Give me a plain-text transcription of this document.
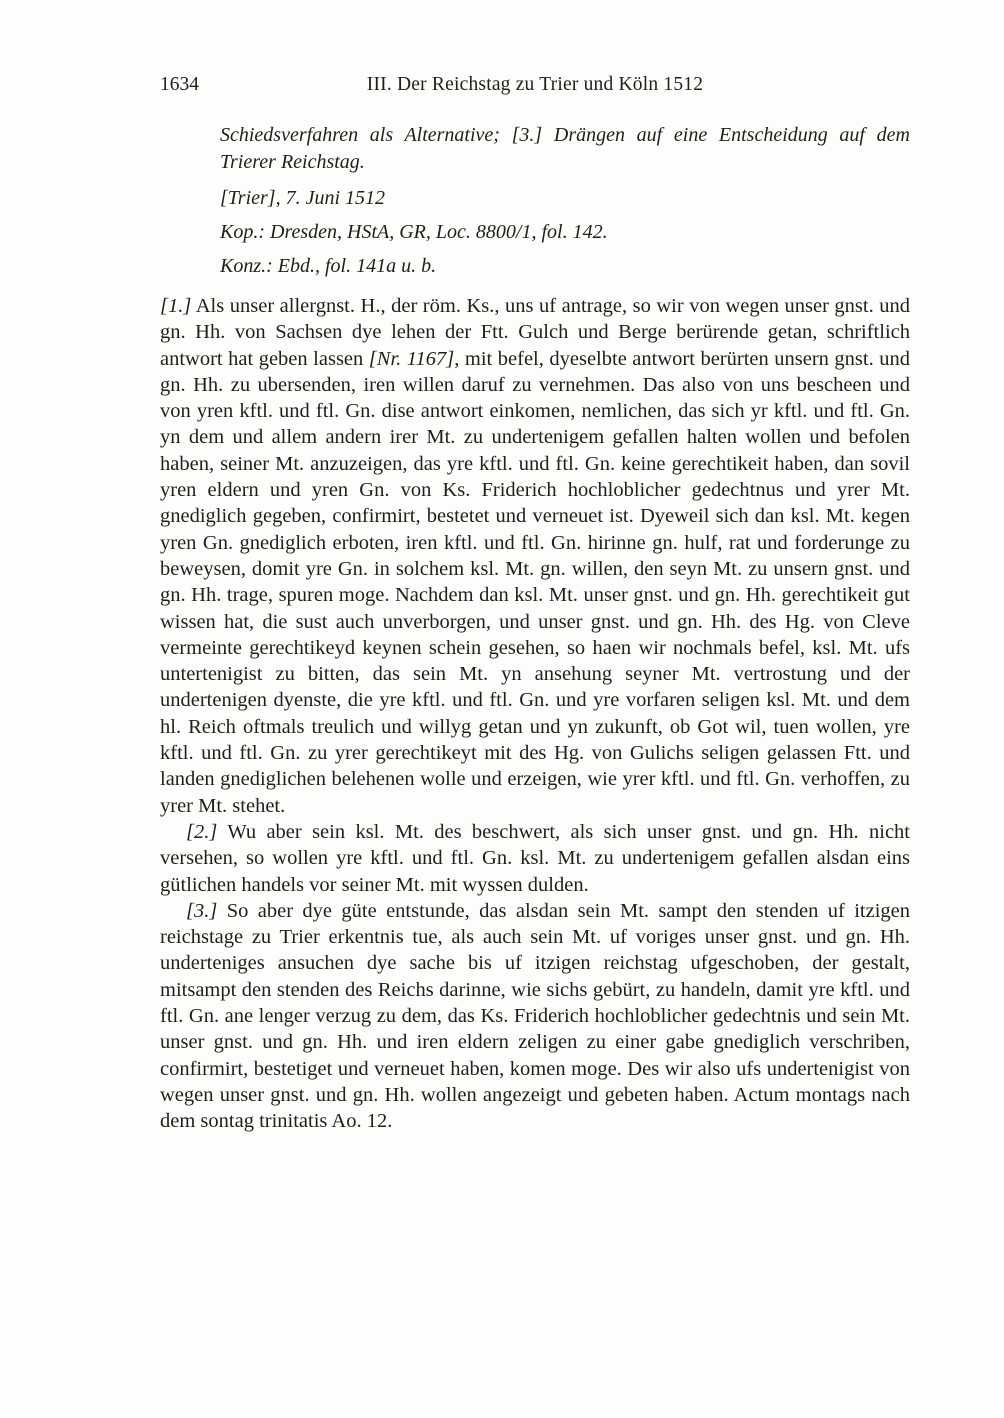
1634	III. Der Reichstag zu Trier und Köln 1512

Schiedsverfahren als Alternative; [3.] Drängen auf eine Entscheidung auf dem Trierer Reichstag.

[Trier], 7. Juni 1512

Kop.: Dresden, HStA, GR, Loc. 8800/1, fol. 142.

Konz.: Ebd., fol. 141a u. b.

[1.] Als unser allergnst. H., der röm. Ks., uns uf antrage, so wir von wegen unser gnst. und gn. Hh. von Sachsen dye lehen der Ftt. Gulch und Berge berürende getan, schriftlich antwort hat geben lassen [Nr. 1167], mit befel, dyeselbte antwort berürten unsern gnst. und gn. Hh. zu ubersenden, iren willen daruf zu vernehmen. Das also von uns bescheen und von yren kftl. und ftl. Gn. dise antwort einkomen, nemlichen, das sich yr kftl. und ftl. Gn. yn dem und allem andern irer Mt. zu undertenigem gefallen halten wollen und befolen haben, seiner Mt. anzuzeigen, das yre kftl. und ftl. Gn. keine gerechtikeit haben, dan sovil yren eldern und yren Gn. von Ks. Friderich hochloblicher gedechtnus und yrer Mt. gnediglich gegeben, confirmirt, bestetet und verneuet ist. Dyeweil sich dan ksl. Mt. kegen yren Gn. gnediglich erboten, iren kftl. und ftl. Gn. hirinne gn. hulf, rat und forderunge zu beweysen, domit yre Gn. in solchem ksl. Mt. gn. willen, den seyn Mt. zu unsern gnst. und gn. Hh. trage, spuren moge. Nachdem dan ksl. Mt. unser gnst. und gn. Hh. gerechtikeit gut wissen hat, die sust auch unverborgen, und unser gnst. und gn. Hh. des Hg. von Cleve vermeinte gerechtikeyd keynen schein gesehen, so haen wir nochmals befel, ksl. Mt. ufs untertenigist zu bitten, das sein Mt. yn ansehung seyner Mt. vertrostung und der undertenigen dyenste, die yre kftl. und ftl. Gn. und yre vorfaren seligen ksl. Mt. und dem hl. Reich oftmals treulich und willyg getan und yn zukunft, ob Got wil, tuen wollen, yre kftl. und ftl. Gn. zu yrer gerechtikeyt mit des Hg. von Gulichs seligen gelassen Ftt. und landen gnediglichen belehenen wolle und erzeigen, wie yrer kftl. und ftl. Gn. verhoffen, zu yrer Mt. stehet.

[2.] Wu aber sein ksl. Mt. des beschwert, als sich unser gnst. und gn. Hh. nicht versehen, so wollen yre kftl. und ftl. Gn. ksl. Mt. zu undertenigem gefallen alsdan eins gütlichen handels vor seiner Mt. mit wyssen dulden.

[3.] So aber dye güte entstunde, das alsdan sein Mt. sampt den stenden uf itzigen reichstage zu Trier erkentnis tue, als auch sein Mt. uf voriges unser gnst. und gn. Hh. underteniges ansuchen dye sache bis uf itzigen reichstag ufgeschoben, der gestalt, mitsampt den stenden des Reichs darinne, wie sichs gebürt, zu handeln, damit yre kftl. und ftl. Gn. ane lenger verzug zu dem, das Ks. Friderich hochloblicher gedechtnis und sein Mt. unser gnst. und gn. Hh. und iren eldern zeligen zu einer gabe gnediglich verschriben, confirmirt, bestetiget und verneuet haben, komen moge. Des wir also ufs undertenigist von wegen unser gnst. und gn. Hh. wollen angezeigt und gebeten haben. Actum montags nach dem sontag trinitatis Ao. 12.
